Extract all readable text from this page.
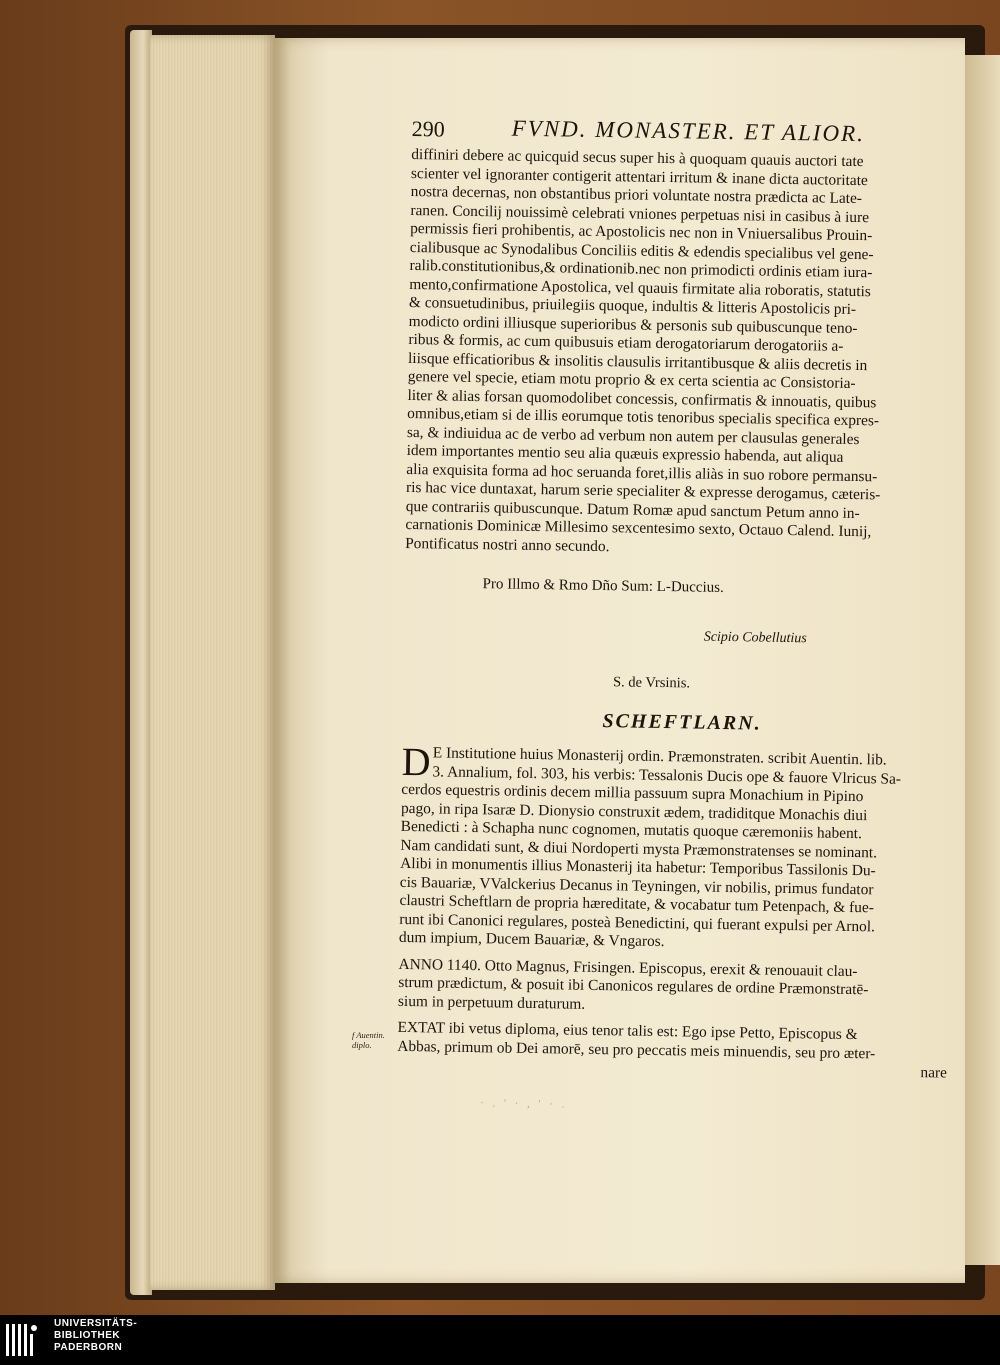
290	FVND. MONASTER. ET ALIOR.
diffiniri debere ac quicquid secus super his à quoquam quauis auctori tate
scienter vel ignoranter contigerit attentari irritum & inane dicta auctoritate
nostra decernas, non obstantibus priori voluntate nostra prædicta ac Late-
ranen. Concilij nouissimè celebrati vniones perpetuas nisi in casibus à iure
permissis fieri prohibentis, ac Apostolicis nec non in Vniuersalibus Prouin-
cialibusque ac Synodalibus Conciliis editis & edendis specialibus vel gene-
ralib.constitutionibus,& ordinationib.nec non primodicti ordinis etiam iura-
mento,confirmatione Apostolica, vel quauis firmitate alia roboratis, statutis
& consuetudinibus, priuilegiis quoque, indultis & litteris Apostolicis pri-
modicto ordini illiusque superioribus & personis sub quibuscunque teno-
ribus & formis, ac cum quibusuis etiam derogatoriarum derogatoriis a-
liisque efficatioribus & insolitis clausulis irritantibusque & aliis decretis in
genere vel specie, etiam motu proprio & ex certa scientia ac Consistoria-
liter & alias forsan quomodolibet concessis, confirmatis & innouatis, quibus
omnibus,etiam si de illis eorumque totis tenoribus specialis specifica expres-
sa, & indiuidua ac de verbo ad verbum non autem per clausulas generales
idem importantes mentio seu alia quæuis expressio habenda, aut aliqua
alia exquisita forma ad hoc seruanda foret,illis aliàs in suo robore permansu-
ris hac vice duntaxat, harum serie specialiter & expresse derogamus, cæteris-
que contrariis quibuscunque. Datum Romæ apud sanctum Petum anno in-
carnationis Dominicæ Millesimo sexcentesimo sexto, Octauo Calend. Iunij,
Pontificatus nostri anno secundo.
Pro Illmo & Rmo Dño Sum: L-Duccius.
Scipio Cobellutius
S. de Vrsinis.
SCHEFTLARN.
D E Institutione huius Monasterij ordin. Præmonstraten. scribit Auentin. lib.
3. Annalium, fol. 303, his verbis: Tessalonis Ducis ope & fauore Vlricus Sa-
cerdos equestris ordinis decem millia passuum supra Monachium in Pipino
pago, in ripa Isaræ D. Dionysio construxit ædem, tradiditque Monachis diui
Benedicti : à Schapha nunc cognomen, mutatis quoque cæremoniis habent.
Nam candidati sunt, & diui Nordoperti mysta Præmonstratenses se nominant.
Alibi in monumentis illius Monasterij ita habetur: Temporibus Tassilonis Du-
cis Bauariæ, VValckerius Decanus in Teyningen, vir nobilis, primus fundator
claustri Scheftlarn de propria hæreditate, & vocabatur tum Petenpach, & fue-
runt ibi Canonici regulares, posteà Benedictini, qui fuerant expulsi per Arnol.
dum impium, Ducem Bauariæ, & Vngaros.
ANNO 1140. Otto Magnus, Frisingen. Episcopus, erexit & renouauit clau-
strum prædictum, & posuit ibi Canonicos regulares de ordine Præmonstratē-
sium in perpetuum duraturum.
EXTAT ibi vetus diploma, eius tenor talis est: Ego ipse Petto, Episcopus &
Abbas, primum ob Dei amorē, seu pro peccatis meis minuendis, seu pro æter-
nare
f Auentin. diplo.
· . ' · , ' · .
UNIVERSITÄTS-
BIBLIOTHEK
PADERBORN
